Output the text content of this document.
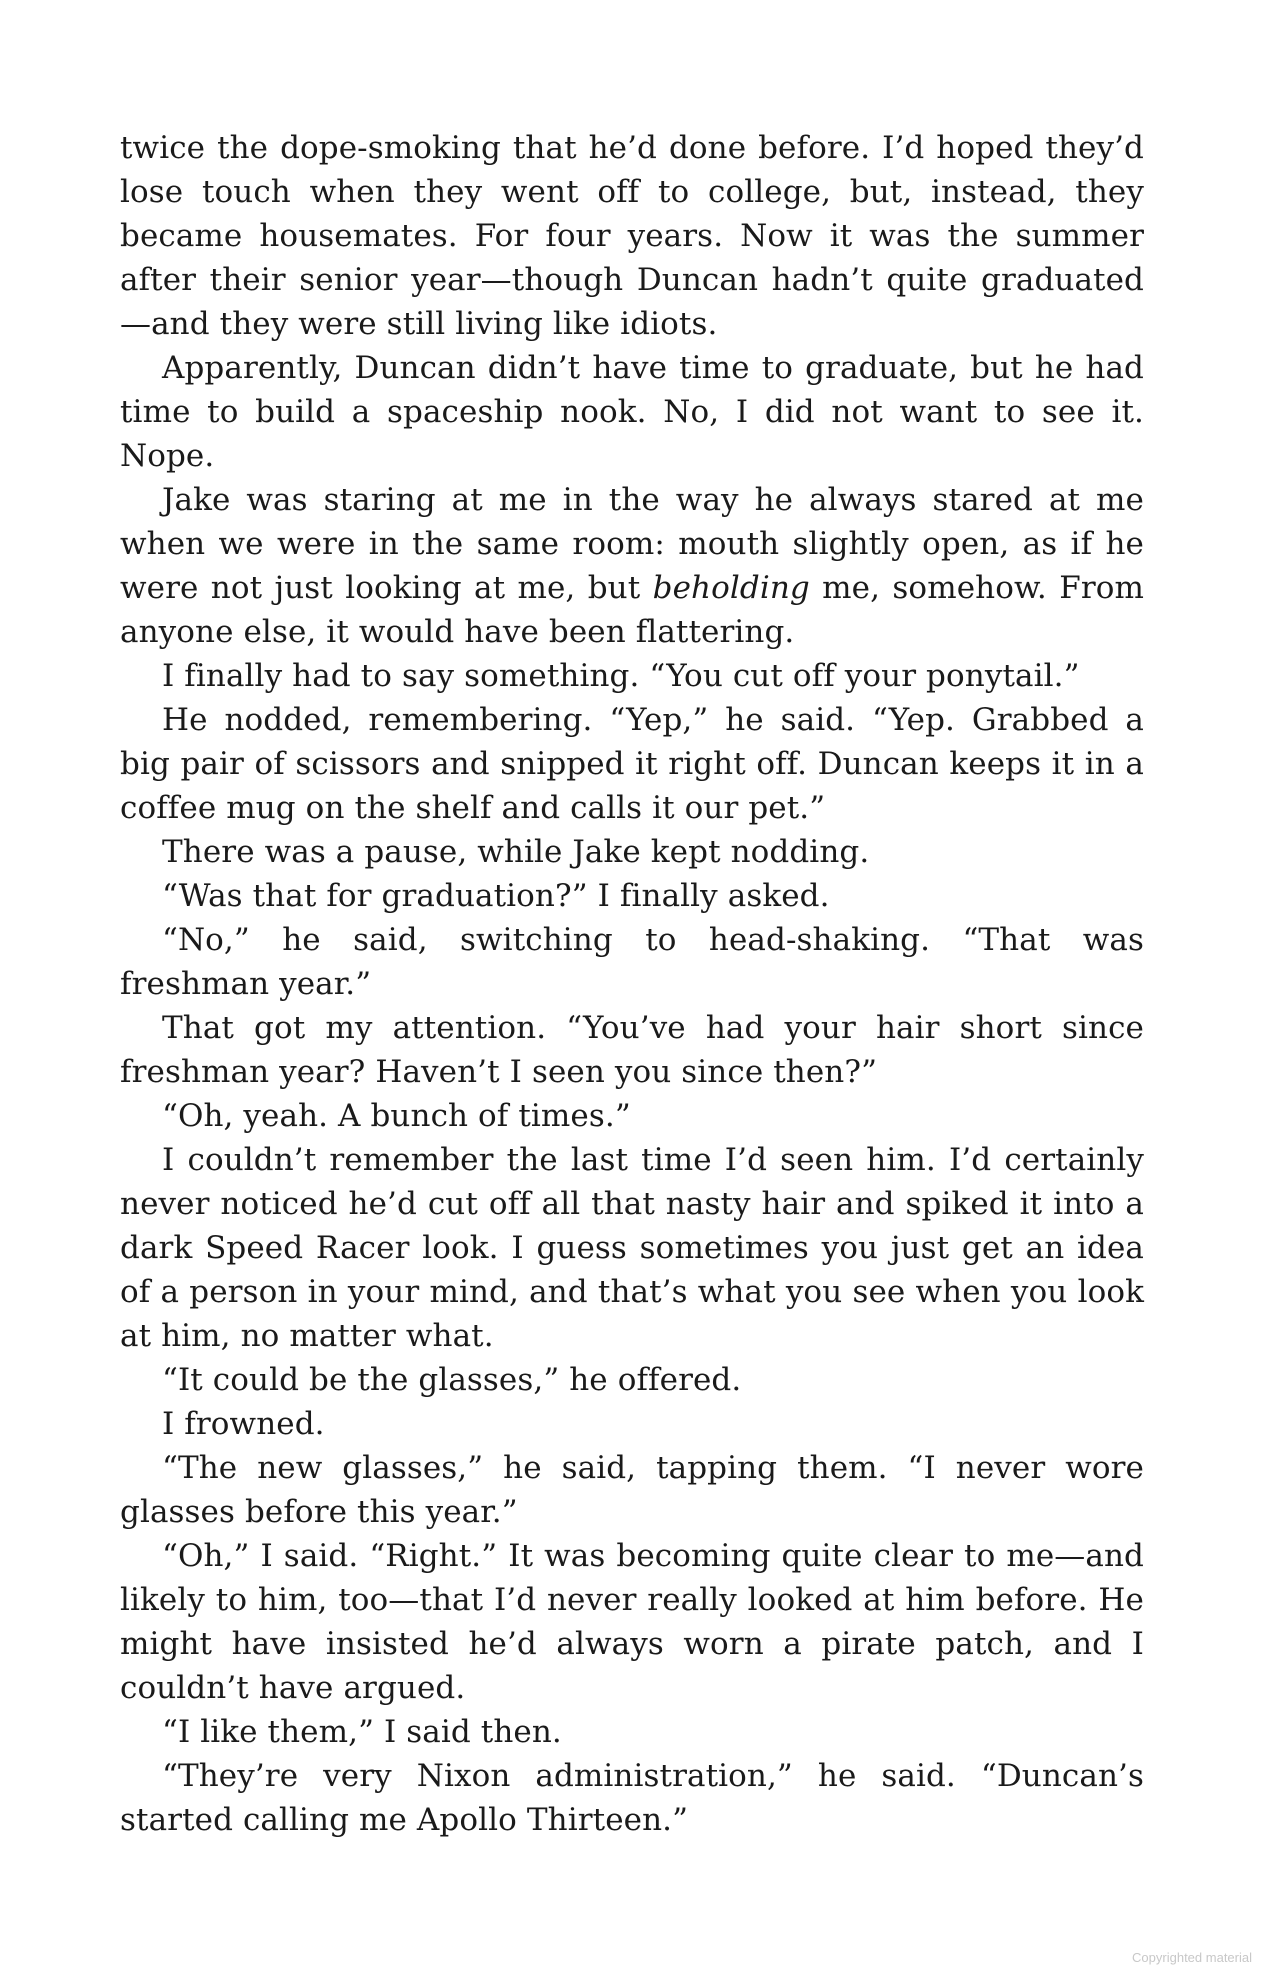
twice the dope-smoking that he’d done before. I’d hoped they’d lose touch when they went off to college, but, instead, they became housemates. For four years. Now it was the summer after their senior year—though Duncan hadn’t quite graduated—and they were still living like idiots.

Apparently, Duncan didn’t have time to graduate, but he had time to build a spaceship nook. No, I did not want to see it. Nope.

Jake was staring at me in the way he always stared at me when we were in the same room: mouth slightly open, as if he were not just looking at me, but beholding me, somehow. From anyone else, it would have been flattering.

I finally had to say something. “You cut off your ponytail.”

He nodded, remembering. “Yep,” he said. “Yep. Grabbed a big pair of scissors and snipped it right off. Duncan keeps it in a coffee mug on the shelf and calls it our pet.”

There was a pause, while Jake kept nodding.

“Was that for graduation?” I finally asked.

“No,” he said, switching to head-shaking. “That was freshman year.”

That got my attention. “You’ve had your hair short since freshman year? Haven’t I seen you since then?”

“Oh, yeah. A bunch of times.”

I couldn’t remember the last time I’d seen him. I’d certainly never noticed he’d cut off all that nasty hair and spiked it into a dark Speed Racer look. I guess sometimes you just get an idea of a person in your mind, and that’s what you see when you look at him, no matter what.

“It could be the glasses,” he offered.

I frowned.

“The new glasses,” he said, tapping them. “I never wore glasses before this year.”

“Oh,” I said. “Right.” It was becoming quite clear to me—and likely to him, too—that I’d never really looked at him before. He might have insisted he’d always worn a pirate patch, and I couldn’t have argued.

“I like them,” I said then.

“They’re very Nixon administration,” he said. “Duncan’s started calling me Apollo Thirteen.”

Copyrighted material
